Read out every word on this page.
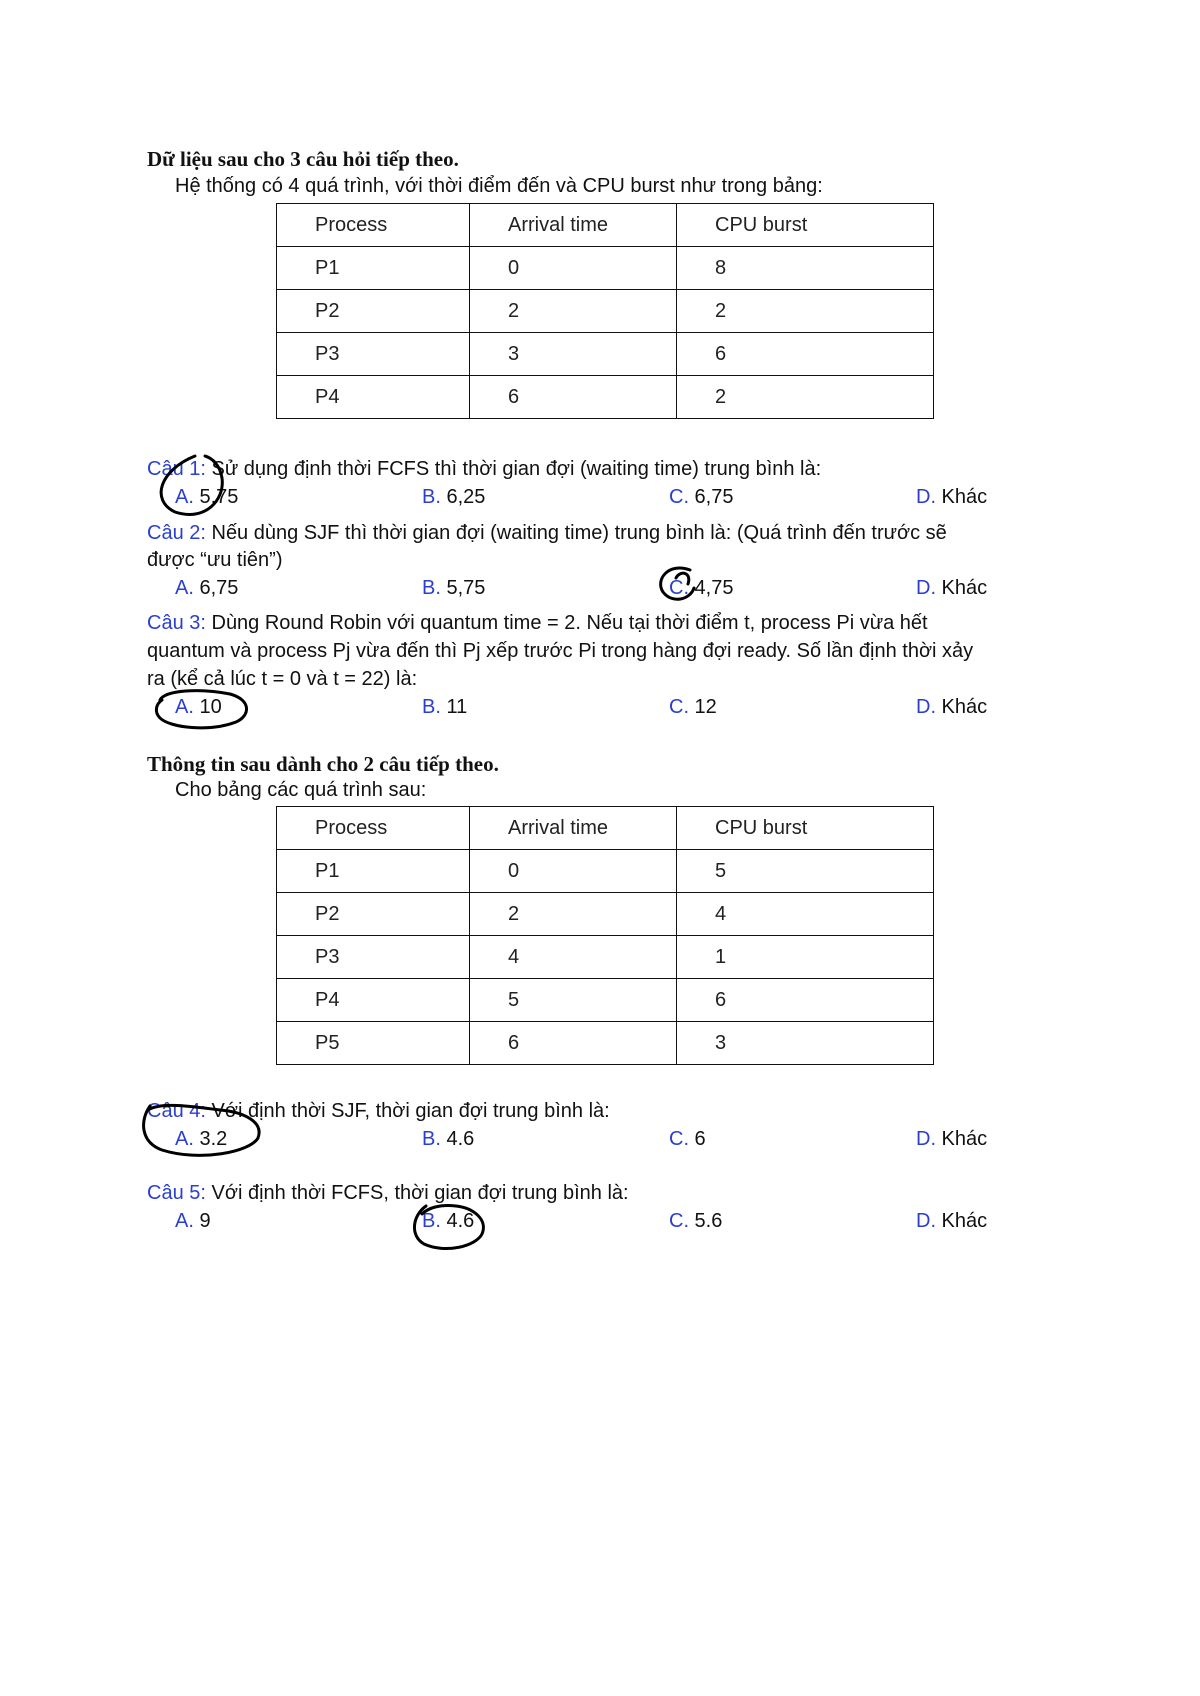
Dữ liệu sau cho 3 câu hỏi tiếp theo.
Hệ thống có 4 quá trình, với thời điểm đến và CPU burst như trong bảng:
Process	Arrival time	CPU burst
P1	0	8
P2	2	2
P3	3	6
P4	6	2
Câu 1: Sử dụng định thời FCFS thì thời gian đợi (waiting time) trung bình là:
A. 5,75	B. 6,25	C. 6,75	D. Khác
Câu 2: Nếu dùng SJF thì thời gian đợi (waiting time) trung bình là: (Quá trình đến trước sẽ
được “ưu tiên”)
A. 6,75	B. 5,75	C. 4,75	D. Khác
Câu 3: Dùng Round Robin với quantum time = 2. Nếu tại thời điểm t, process Pi vừa hết
quantum và process Pj vừa đến thì Pj xếp trước Pi trong hàng đợi ready. Số lần định thời xảy
ra (kể cả lúc t = 0 và t = 22) là:
A. 10	B. 11	C. 12	D. Khác
Thông tin sau dành cho 2 câu tiếp theo.
Cho bảng các quá trình sau:
Process	Arrival time	CPU burst
P1	0	5
P2	2	4
P3	4	1
P4	5	6
P5	6	3
Câu 4: Với định thời SJF, thời gian đợi trung bình là:
A. 3.2	B. 4.6	C. 6	D. Khác
Câu 5: Với định thời FCFS, thời gian đợi trung bình là:
A. 9	B. 4.6	C. 5.6	D. Khác
